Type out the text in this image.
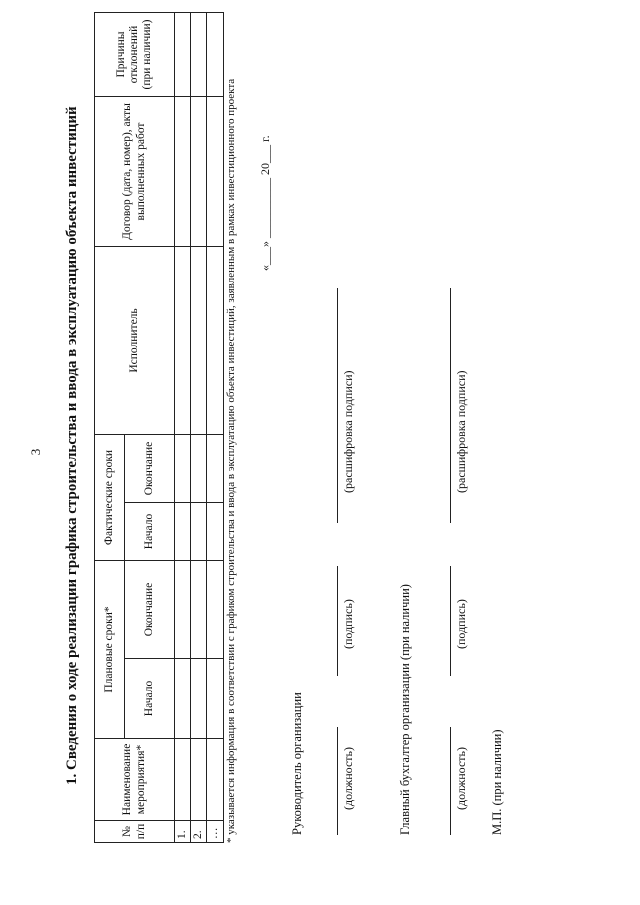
3 1. Сведения о ходе реализации графика строительства и ввода в эксплуатацию объекта инвестиций
№ п/п	Наименование мероприятия*	Плановые сроки*		Фактические сроки		Исполнитель	Договор (дата, номер), акты выполненных работ	Причины отклонений (при наличии)
		Начало	Окончание	Начало	Окончание			
1.								
2.								
…								* указывается информация в соответствии с графиком строительства и ввода в эксплуатацию объекта инвестиций, заявленным в рамках инвестиционного проекта «___» __________ 20___ г.
Руководитель организации	(должность)
(подпись)
(расшифровка подписи)
Главный бухгалтер организации (при наличии)	(должность)
(подпись)
(расшифровка подписи)
М.П. (при наличии)
